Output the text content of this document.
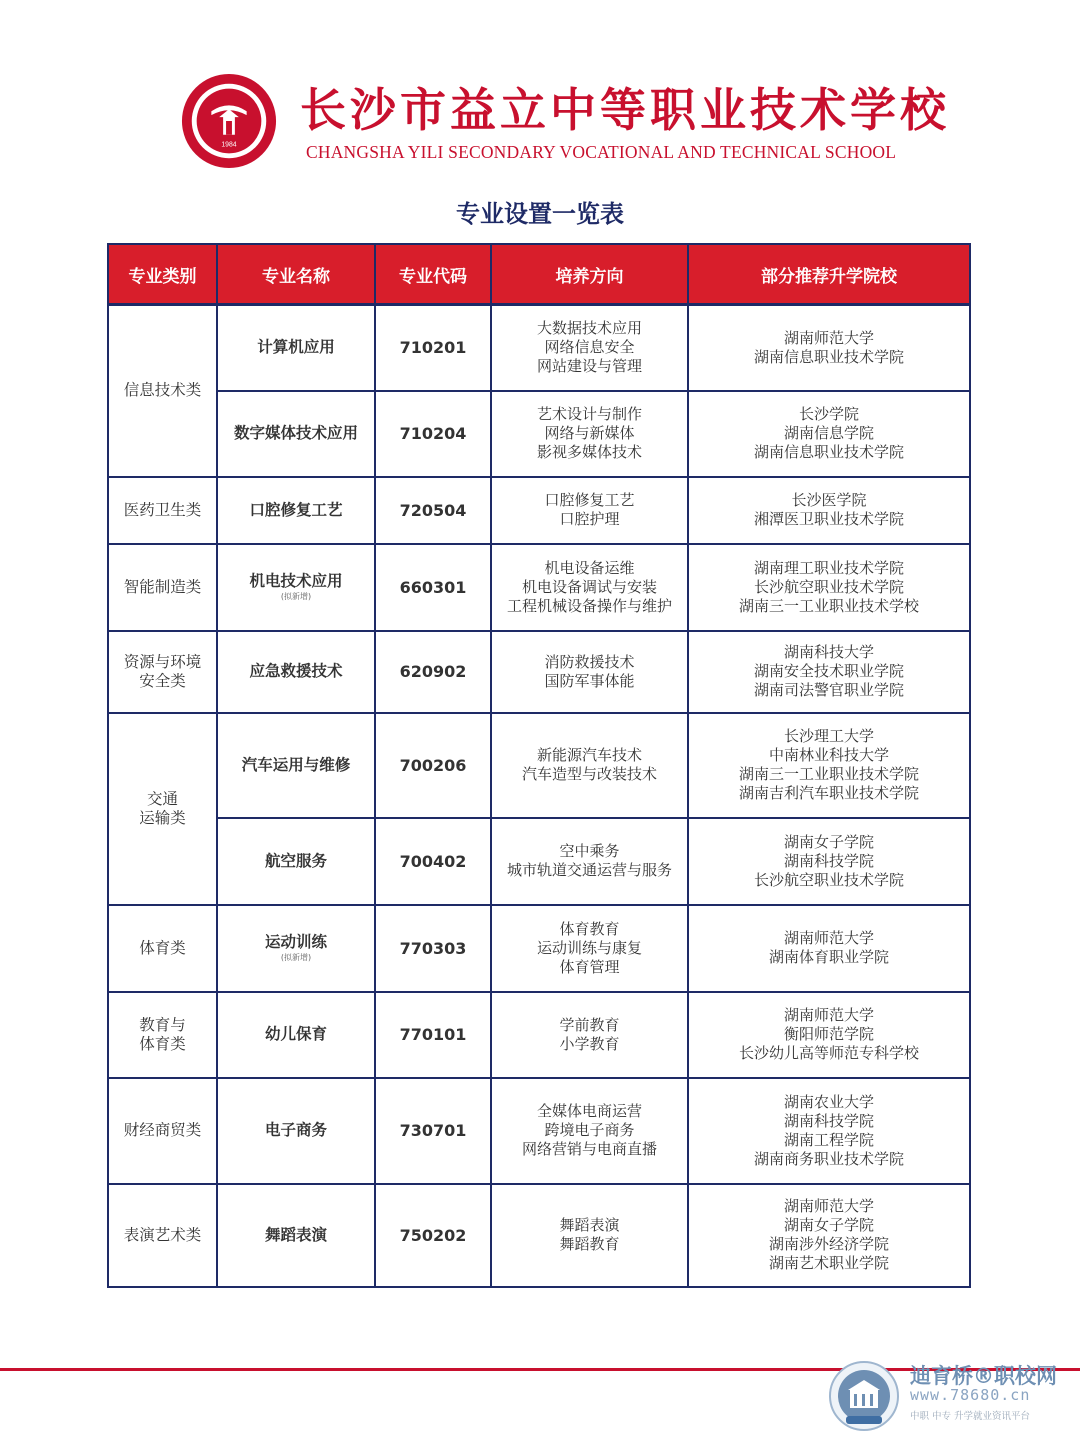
1984
长沙市益立中等职业技术学校
CHANGSHA YILI SECONDARY VOCATIONAL AND TECHNICAL SCHOOL
专业设置一览表
专业类别	专业名称	专业代码	培养方向	部分推荐升学院校
信息技术类	计算机应用	710201	大数据技术应用
网络信息安全
网站建设与管理	湖南师范大学
湖南信息职业技术学院

	数字媒体技术应用	710204	艺术设计与制作
网络与新媒体
影视多媒体技术	长沙学院
湖南信息学院
湖南信息职业技术学院

医药卫生类	口腔修复工艺	720504	口腔修复工艺
口腔护理	长沙医学院
湘潭医卫职业技术学院

智能制造类	机电技术应用
(拟新增)	660301	机电设备运维
机电设备调试与安装
工程机械设备操作与维护	湖南理工职业技术学院
长沙航空职业技术学院
湖南三一工业职业技术学校

资源与环境
安全类	应急救援技术	620902	消防救援技术
国防军事体能	湖南科技大学
湖南安全技术职业学院
湖南司法警官职业学院

交通
运输类	汽车运用与维修	700206	新能源汽车技术
汽车造型与改装技术	长沙理工大学
中南林业科技大学
湖南三一工业职业技术学院
湖南吉利汽车职业技术学院

	航空服务	700402	空中乘务
城市轨道交通运营与服务	湖南女子学院
湖南科技学院
长沙航空职业技术学院

体育类	运动训练
(拟新增)	770303	体育教育
运动训练与康复
体育管理	湖南师范大学
湖南体育职业学院

教育与
体育类	幼儿保育	770101	学前教育
小学教育	湖南师范大学
衡阳师范学院
长沙幼儿高等师范专科学校

财经商贸类	电子商务	730701	全媒体电商运营
跨境电子商务
网络营销与电商直播	湖南农业大学
湖南科技学院
湖南工程学院
湖南商务职业技术学院

表演艺术类	舞蹈表演	750202	舞蹈表演
舞蹈教育	湖南师范大学
湖南女子学院
湖南涉外经济学院
湖南艺术职业学院
迪育桥®职校网
www.78680.cn
中职 中专 升学就业资讯平台
